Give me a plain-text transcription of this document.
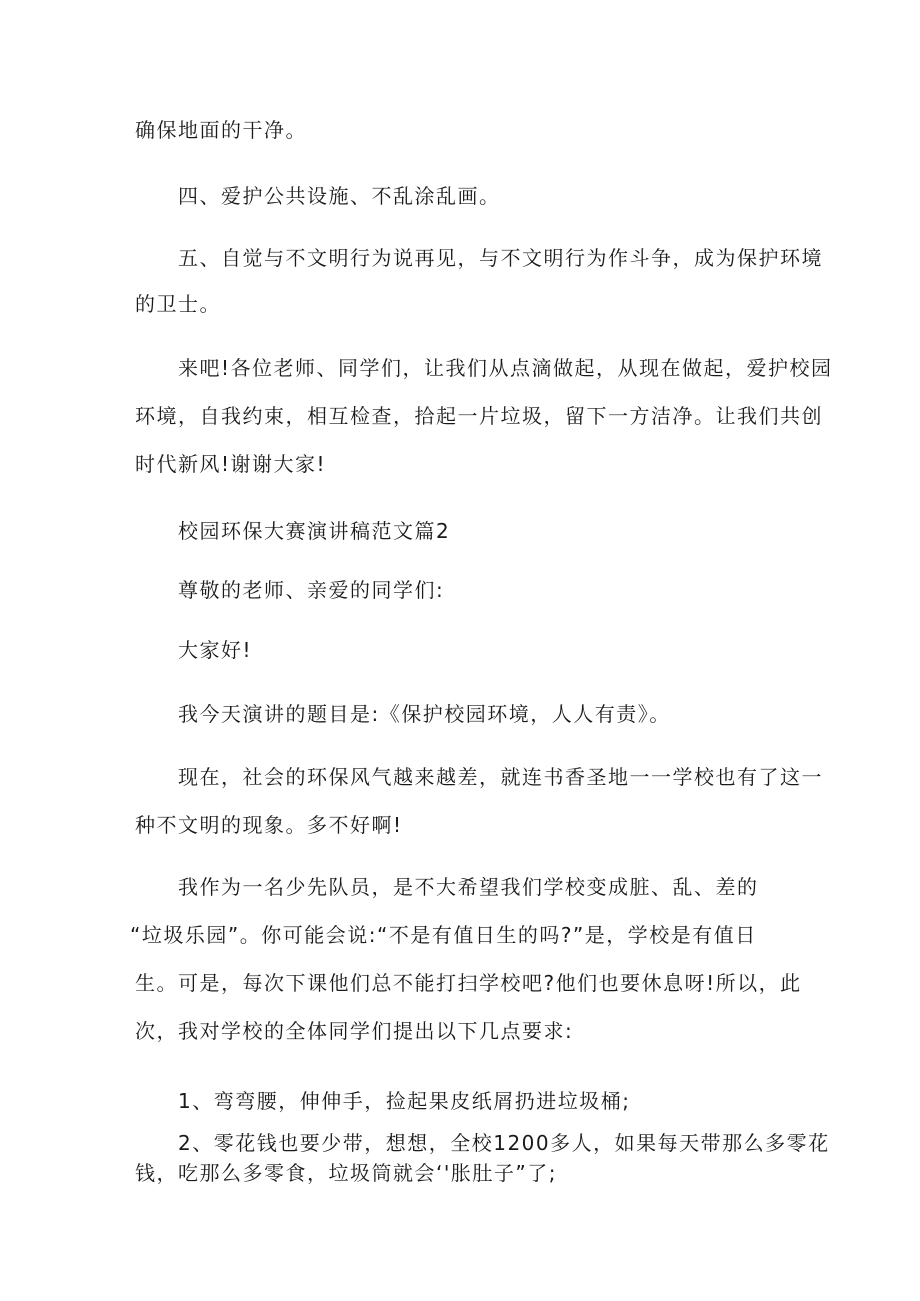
确保地面的干净。

四、爱护公共设施、不乱涂乱画。

五、自觉与不文明行为说再见，与不文明行为作斗争，成为保护环境

的卫士。

来吧!各位老师、同学们，让我们从点滴做起，从现在做起，爱护校园

环境，自我约束，相互检查，拾起一片垃圾，留下一方洁净。让我们共创

时代新风!谢谢大家!

校园环保大赛演讲稿范文篇2

尊敬的老师、亲爱的同学们:

大家好!

我今天演讲的题目是:《保护校园环境，人人有责》。

现在，社会的环保风气越来越差，就连书香圣地一一学校也有了这一

种不文明的现象。多不好啊!

我作为一名少先队员，是不大希望我们学校变成脏、乱、差的

“垃圾乐园”。你可能会说:“不是有值日生的吗?”是，学校是有值日

生。可是，每次下课他们总不能打扫学校吧?他们也要休息呀!所以，此

次，我对学校的全体同学们提出以下几点要求:

1、弯弯腰，伸伸手，捡起果皮纸屑扔进垃圾桶;

2、零花钱也要少带，想想，全校1200多人，如果每天带那么多零花

钱，吃那么多零食，垃圾筒就会‘'胀肚子”了;
